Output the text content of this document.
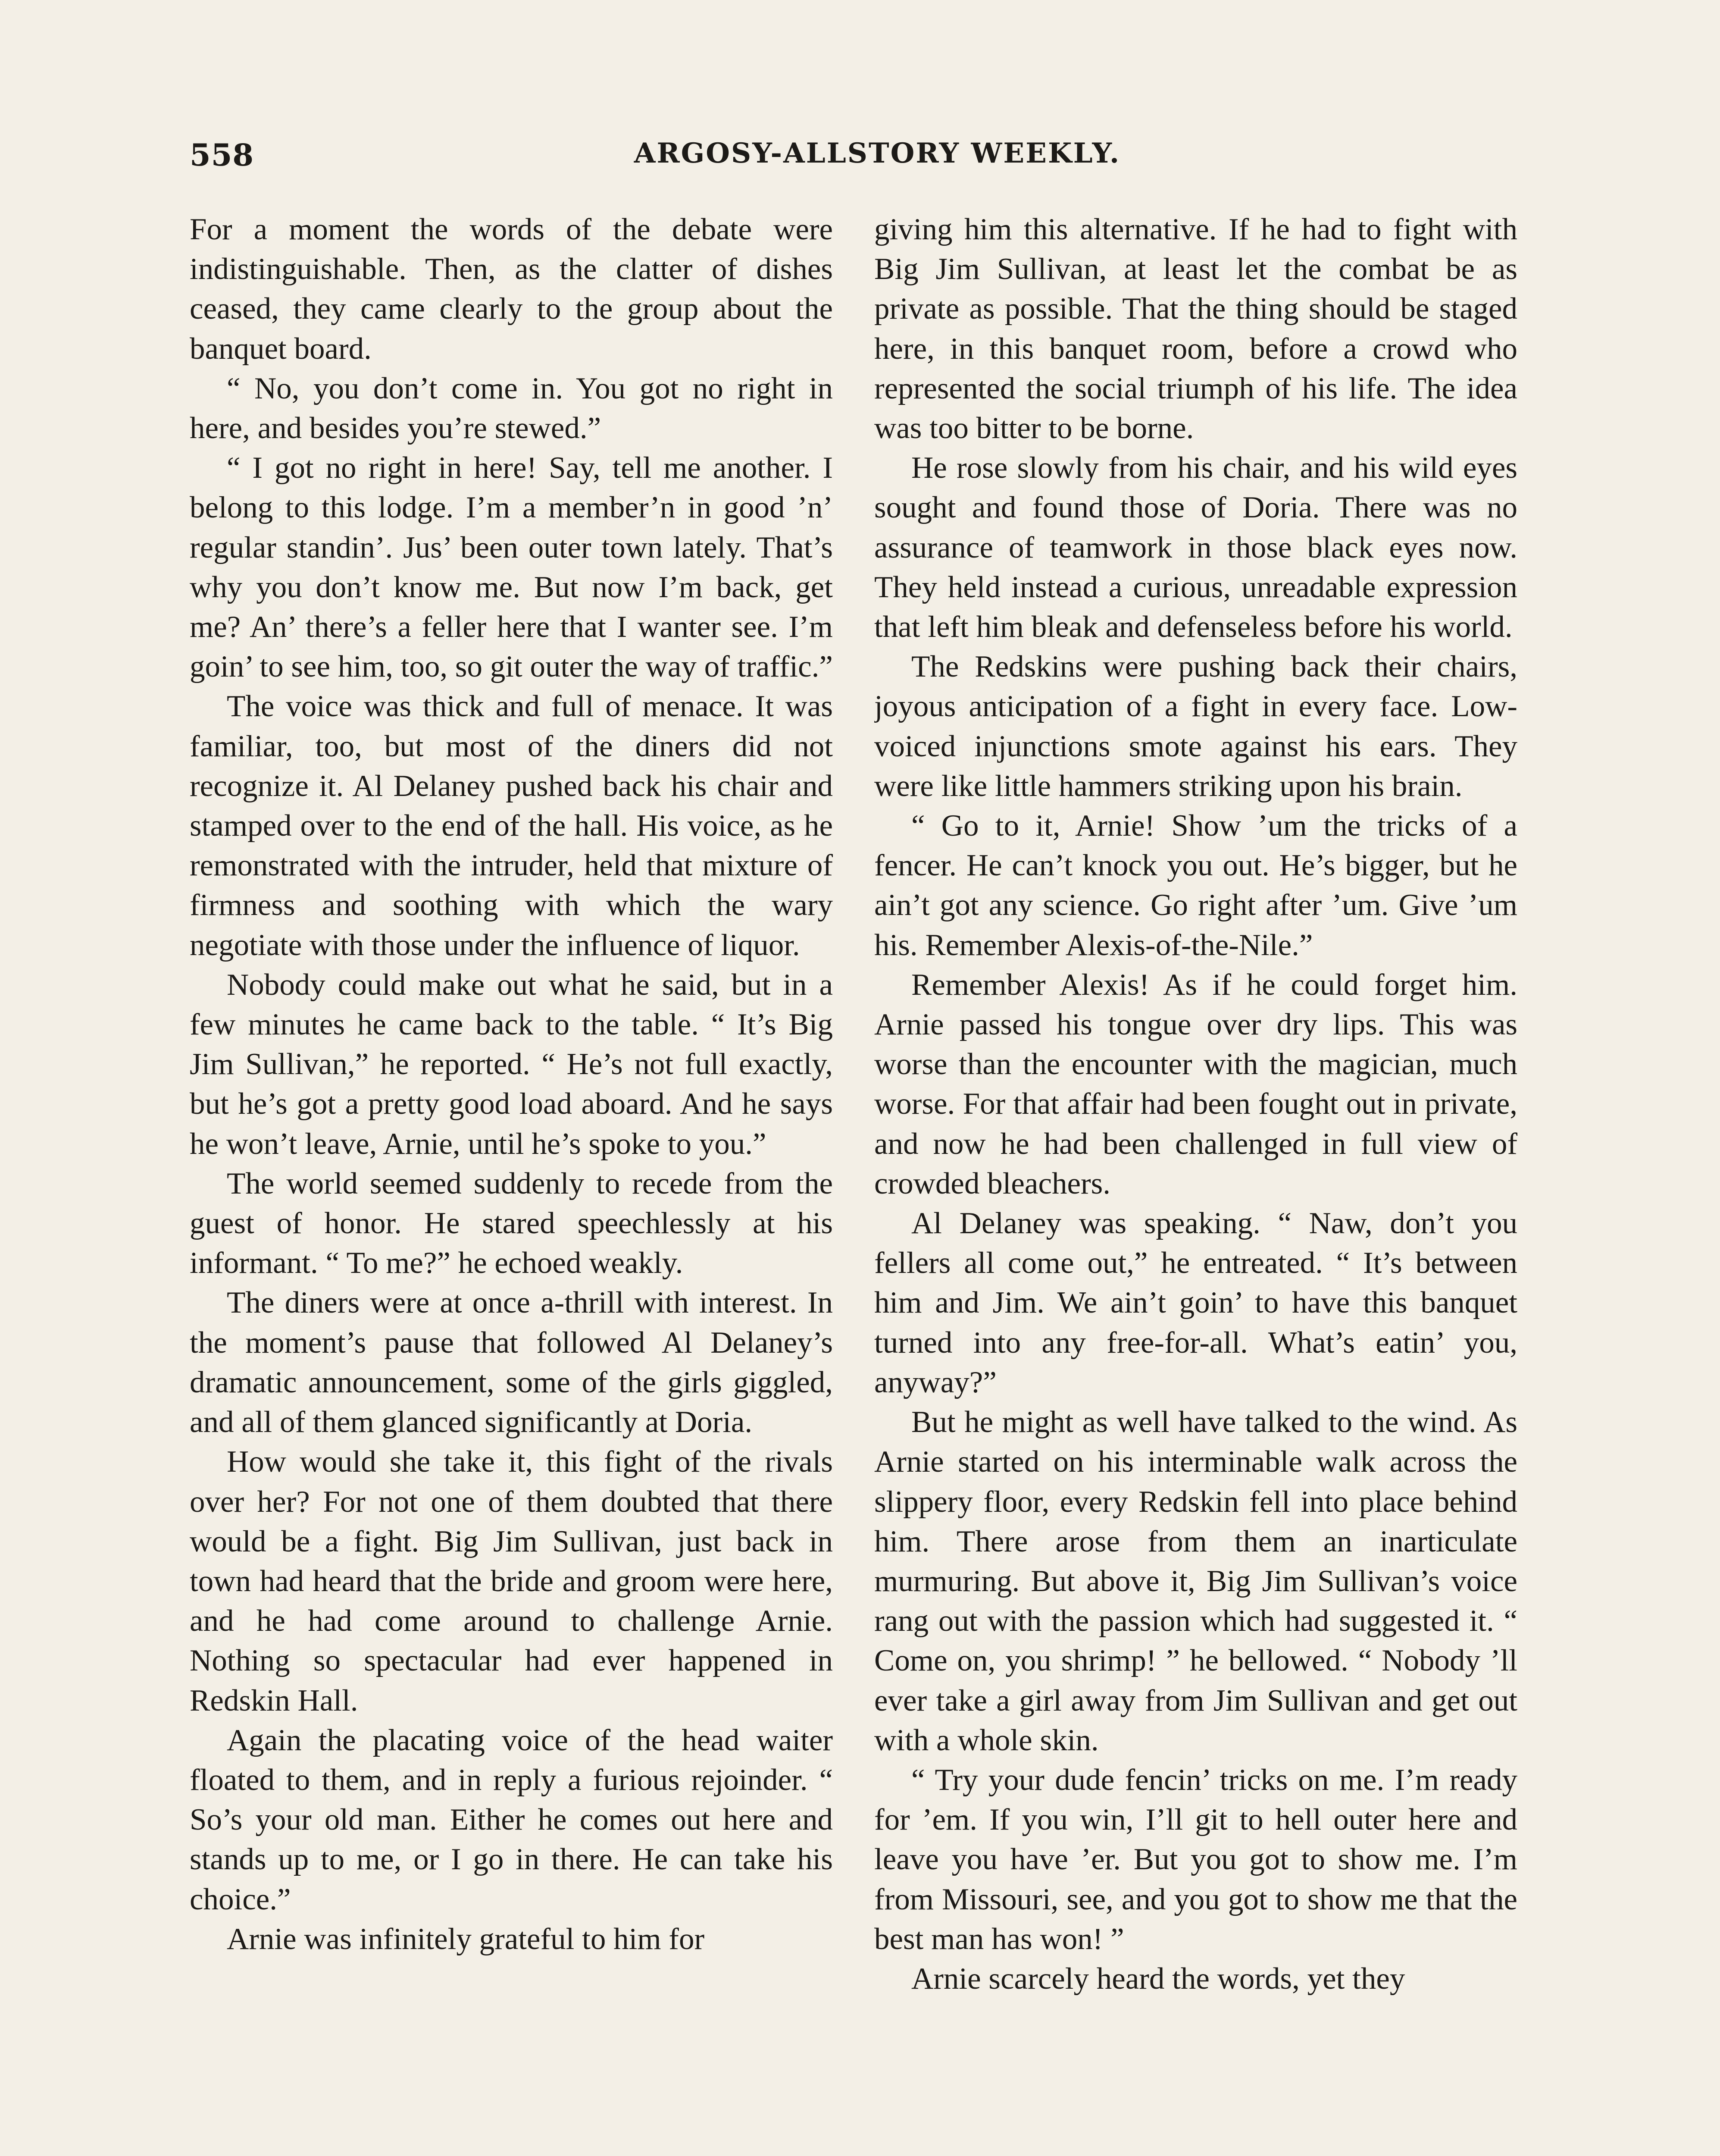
558	ARGOSY-ALLSTORY WEEKLY.

For a moment the words of the debate were indistinguishable. Then, as the clatter of dishes ceased, they came clearly to the group about the banquet board.

“ No, you don’t come in. You got no right in here, and besides you’re stewed.”

“ I got no right in here! Say, tell me another. I belong to this lodge. I’m a member’n in good ’n’ regular standin’. Jus’ been outer town lately. That’s why you don’t know me. But now I’m back, get me? An’ there’s a feller here that I wanter see. I’m goin’ to see him, too, so git outer the way of traffic.”

The voice was thick and full of menace. It was familiar, too, but most of the diners did not recognize it. Al Delaney pushed back his chair and stamped over to the end of the hall. His voice, as he remonstrated with the intruder, held that mixture of firmness and soothing with which the wary negotiate with those under the influence of liquor.

Nobody could make out what he said, but in a few minutes he came back to the table. “ It’s Big Jim Sullivan,” he reported. “ He’s not full exactly, but he’s got a pretty good load aboard. And he says he won’t leave, Arnie, until he’s spoke to you.”

The world seemed suddenly to recede from the guest of honor. He stared speechlessly at his informant. “ To me?” he echoed weakly.

The diners were at once a-thrill with interest. In the moment’s pause that followed Al Delaney’s dramatic announcement, some of the girls giggled, and all of them glanced significantly at Doria.

How would she take it, this fight of the rivals over her? For not one of them doubted that there would be a fight. Big Jim Sullivan, just back in town had heard that the bride and groom were here, and he had come around to challenge Arnie. Nothing so spectacular had ever happened in Redskin Hall.

Again the placating voice of the head waiter floated to them, and in reply a furious rejoinder. “ So’s your old man. Either he comes out here and stands up to me, or I go in there. He can take his choice.”

Arnie was infinitely grateful to him for

giving him this alternative. If he had to fight with Big Jim Sullivan, at least let the combat be as private as possible. That the thing should be staged here, in this banquet room, before a crowd who represented the social triumph of his life. The idea was too bitter to be borne.

He rose slowly from his chair, and his wild eyes sought and found those of Doria. There was no assurance of teamwork in those black eyes now. They held instead a curious, unreadable expression that left him bleak and defenseless before his world.

The Redskins were pushing back their chairs, joyous anticipation of a fight in every face. Low-voiced injunctions smote against his ears. They were like little hammers striking upon his brain.

“ Go to it, Arnie! Show ’um the tricks of a fencer. He can’t knock you out. He’s bigger, but he ain’t got any science. Go right after ’um. Give ’um his. Remember Alexis-of-the-Nile.”

Remember Alexis! As if he could forget him. Arnie passed his tongue over dry lips. This was worse than the encounter with the magician, much worse. For that affair had been fought out in private, and now he had been challenged in full view of crowded bleachers.

Al Delaney was speaking. “ Naw, don’t you fellers all come out,” he entreated. “ It’s between him and Jim. We ain’t goin’ to have this banquet turned into any free-for-all. What’s eatin’ you, anyway?”

But he might as well have talked to the wind. As Arnie started on his interminable walk across the slippery floor, every Redskin fell into place behind him. There arose from them an inarticulate murmuring. But above it, Big Jim Sullivan’s voice rang out with the passion which had suggested it. “ Come on, you shrimp! ” he bellowed. “ Nobody ’ll ever take a girl away from Jim Sullivan and get out with a whole skin.

“ Try your dude fencin’ tricks on me. I’m ready for ’em. If you win, I’ll git to hell outer here and leave you have ’er. But you got to show me. I’m from Missouri, see, and you got to show me that the best man has won! ”

Arnie scarcely heard the words, yet they
